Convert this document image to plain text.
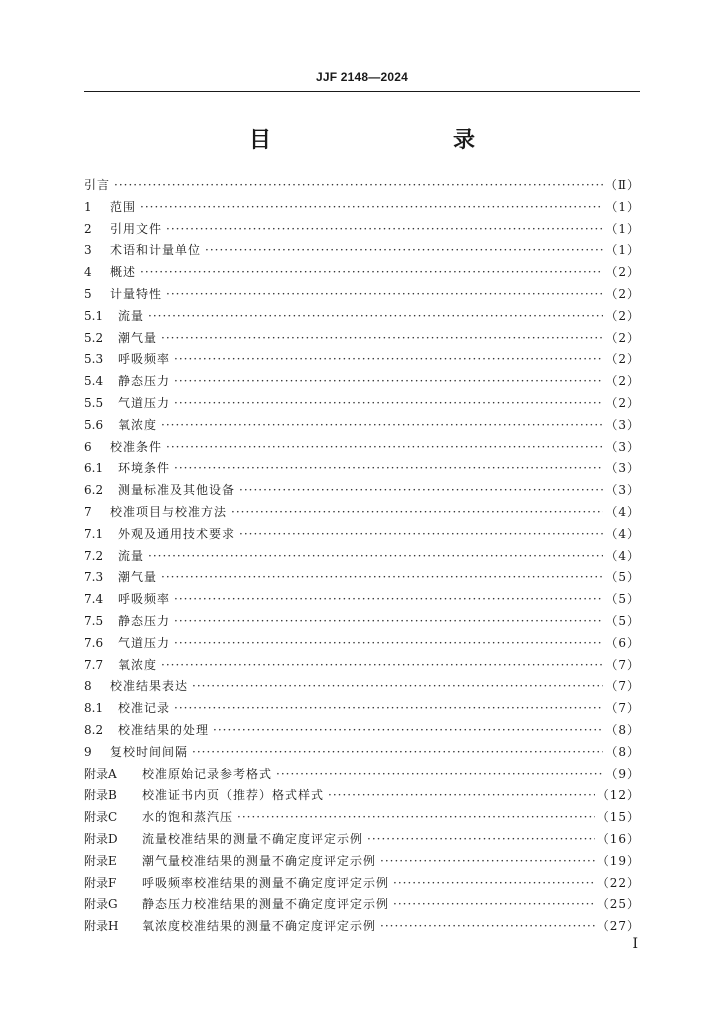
JJF 2148—2024
目　　录
引言 ·····	（Ⅱ）
1	范围 ·····	（1）
2	引用文件 ·····	（1）
3	术语和计量单位 ·····	（1）
4	概述 ·····	（2）
5	计量特性 ·····	（2）
5.1	流量 ·····	（2）
5.2	潮气量 ·····	（2）
5.3	呼吸频率 ·····	（2）
5.4	静态压力 ·····	（2）
5.5	气道压力 ·····	（2）
5.6	氧浓度 ·····	（3）
6	校准条件 ·····	（3）
6.1	环境条件 ·····	（3）
6.2	测量标准及其他设备 ·····	（3）
7	校准项目与校准方法 ·····	（4）
7.1	外观及通用技术要求 ·····	（4）
7.2	流量 ·····	（4）
7.3	潮气量 ·····	（5）
7.4	呼吸频率 ·····	（5）
7.5	静态压力 ·····	（5）
7.6	气道压力 ·····	（6）
7.7	氧浓度 ·····	（7）
8	校准结果表达 ·····	（7）
8.1	校准记录 ·····	（7）
8.2	校准结果的处理 ·····	（8）
9	复校时间间隔 ·····	（8）
附录A	校准原始记录参考格式 ·····	（9）
附录B	校准证书内页（推荐）格式样式 ·····	（12）
附录C	水的饱和蒸汽压 ·····	（15）
附录D	流量校准结果的测量不确定度评定示例 ·····	（16）
附录E	潮气量校准结果的测量不确定度评定示例 ·····	（19）
附录F	呼吸频率校准结果的测量不确定度评定示例 ·····	（22）
附录G	静态压力校准结果的测量不确定度评定示例 ·····	（25）
附录H	氧浓度校准结果的测量不确定度评定示例 ·····	（27）
Ⅰ
